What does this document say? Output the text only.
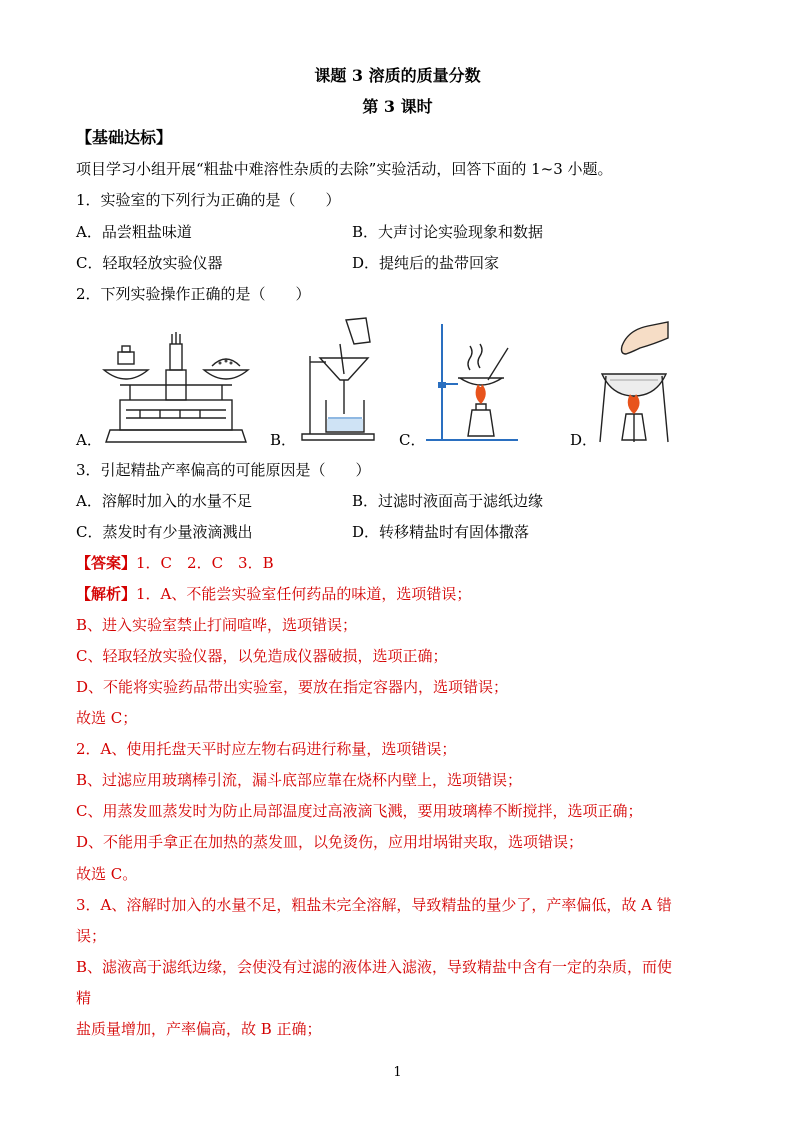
课题 3 溶质的质量分数
第 3 课时
【基础达标】
项目学习小组开展“粗盐中难溶性杂质的去除”实验活动，回答下面的 1~3 小题。
1．实验室的下列行为正确的是（　　）
A．品尝粗盐味道	B．大声讨论实验现象和数据
C．轻取轻放实验仪器	D．提纯后的盐带回家
2．下列实验操作正确的是（　　）
A．	B．	C．	D．
3．引起精盐产率偏高的可能原因是（　　）
A．溶解时加入的水量不足	B．过滤时液面高于滤纸边缘
C．蒸发时有少量液滴溅出	D．转移精盐时有固体撒落
【答案】1．C　2．C　3．B
【解析】1．A、不能尝实验室任何药品的味道，选项错误；
B、进入实验室禁止打闹喧哗，选项错误；
C、轻取轻放实验仪器，以免造成仪器破损，选项正确；
D、不能将实验药品带出实验室，要放在指定容器内，选项错误；
故选 C；
2．A、使用托盘天平时应左物右码进行称量，选项错误；
B、过滤应用玻璃棒引流，漏斗底部应靠在烧杯内壁上，选项错误；
C、用蒸发皿蒸发时为防止局部温度过高液滴飞溅，要用玻璃棒不断搅拌，选项正确；
D、不能用手拿正在加热的蒸发皿，以免烫伤，应用坩埚钳夹取，选项错误；
故选 C。
3．A、溶解时加入的水量不足，粗盐未完全溶解，导致精盐的量少了，产率偏低，故 A 错
误；
B、滤液高于滤纸边缘，会使没有过滤的液体进入滤液，导致精盐中含有一定的杂质，而使
精
盐质量增加，产率偏高，故 B 正确；
1
